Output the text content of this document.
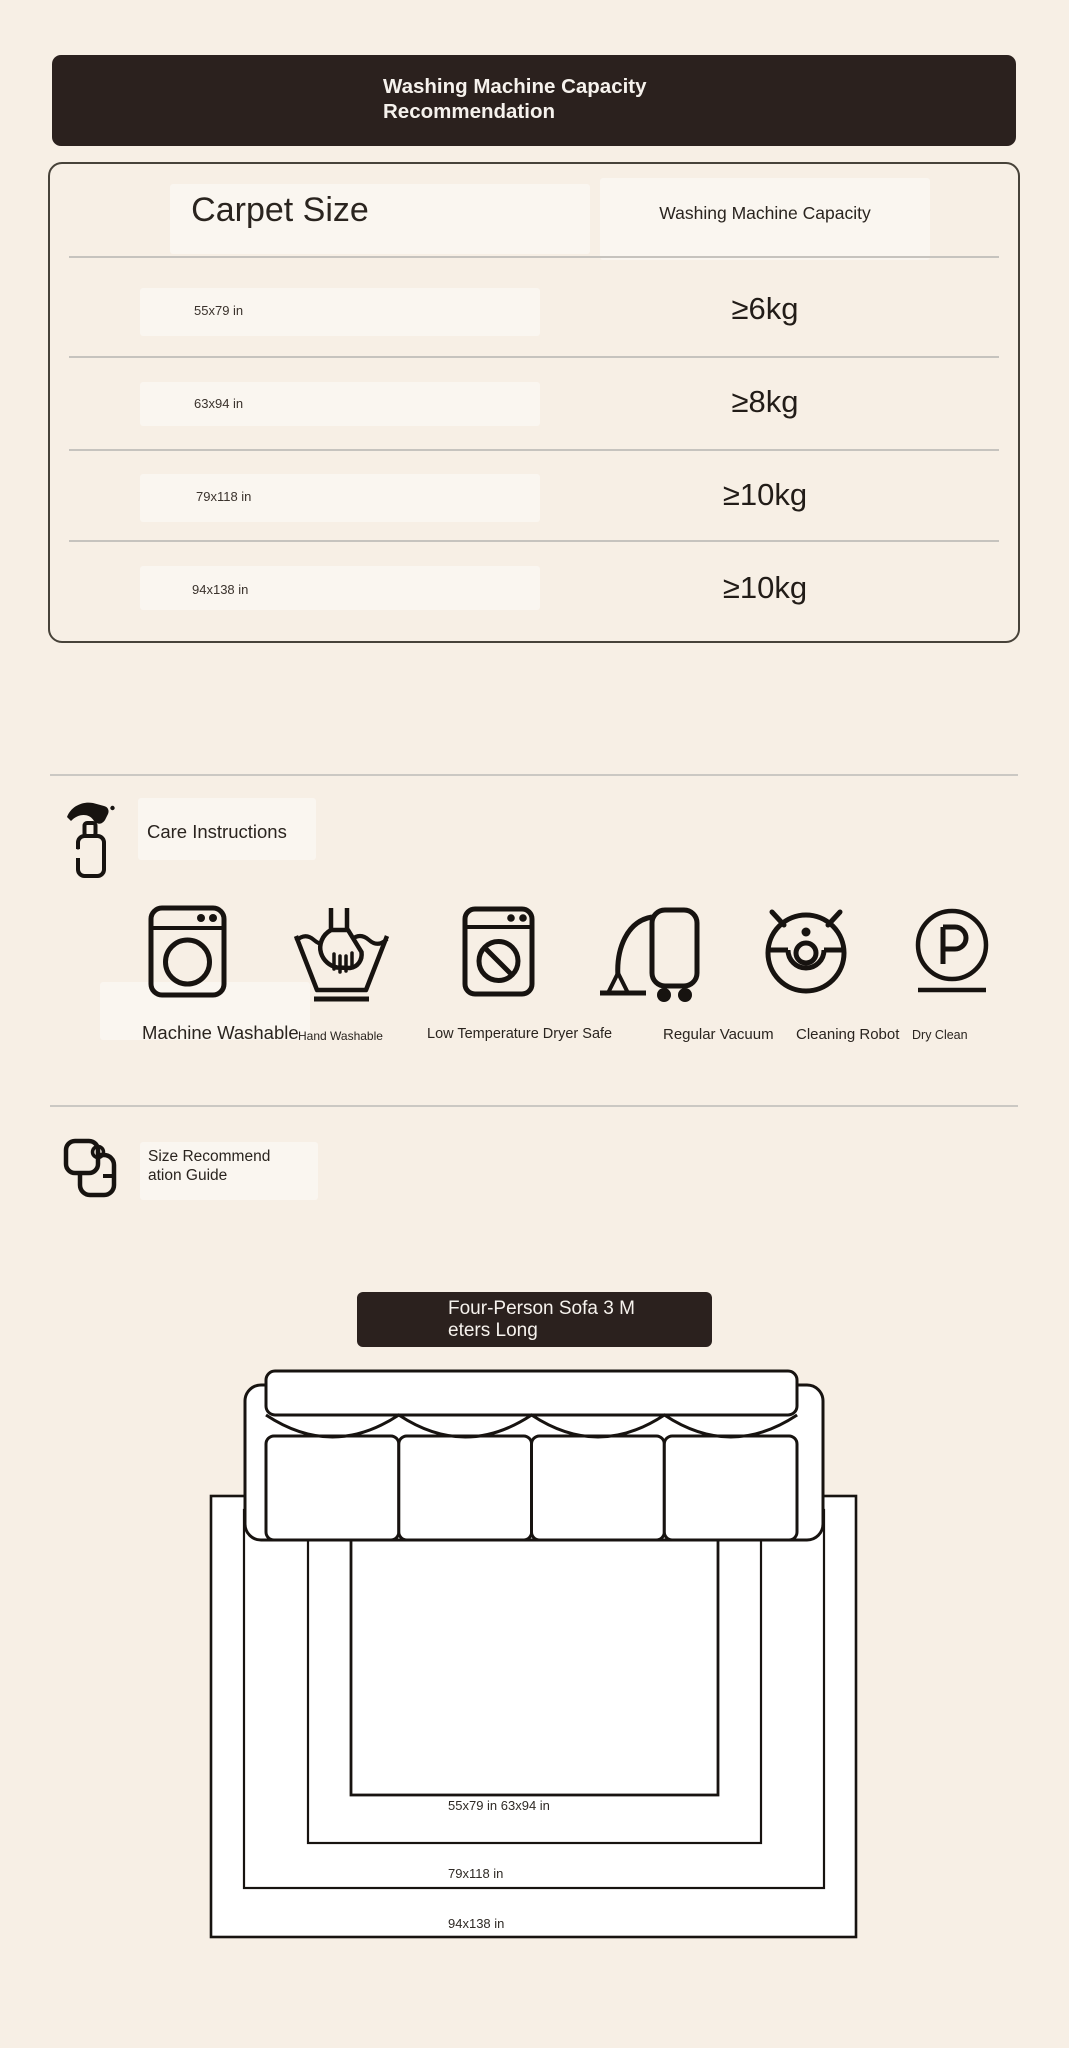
Washing Machine Capacity
Recommendation
Carpet Size	Washing Machine Capacity
55x79 in	≥6kg
63x94 in	≥8kg
79x118 in	≥10kg
94x138 in	≥10kg
Care Instructions
Machine Washable Hand Washable	Low Temperature Dryer Safe	Regular Vacuum Cleaning Robot Dry Clean
Size Recommend
ation Guide
Four-Person Sofa 3 M
eters Long
55x79 in 63x94 in
79x118 in
94x138 in
